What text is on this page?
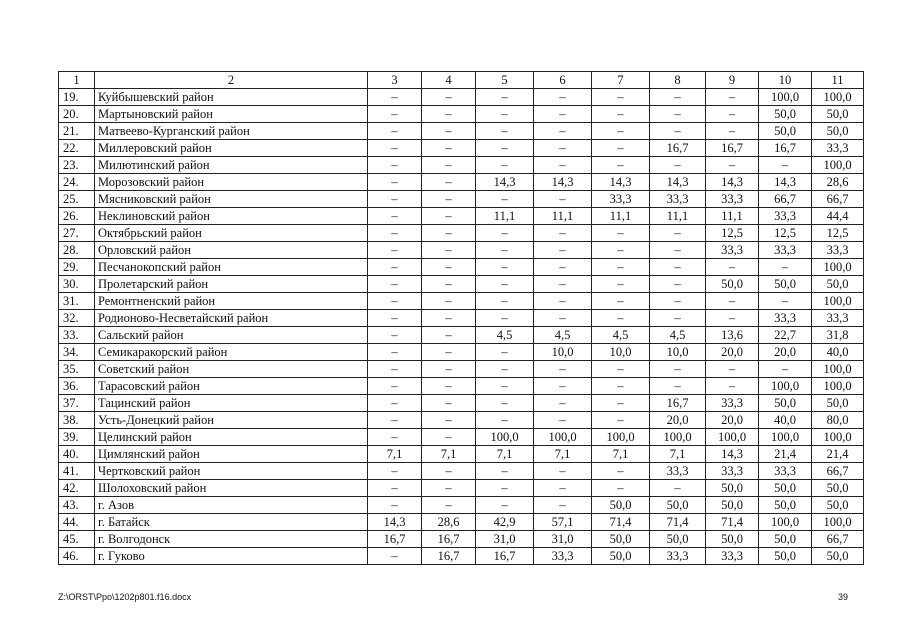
1	2	3	4	5	6	7	8	9	10	11
19.	Куйбышевский район	–	–	–	–	–	–	–	100,0	100,0
20.	Мартыновский район	–	–	–	–	–	–	–	50,0	50,0
21.	Матвеево-Курганский район	–	–	–	–	–	–	–	50,0	50,0
22.	Миллеровский район	–	–	–	–	–	16,7	16,7	16,7	33,3
23.	Милютинский район	–	–	–	–	–	–	–	–	100,0
24.	Морозовский район	–	–	14,3	14,3	14,3	14,3	14,3	14,3	28,6
25.	Мясниковский район	–	–	–	–	33,3	33,3	33,3	66,7	66,7
26.	Неклиновский район	–	–	11,1	11,1	11,1	11,1	11,1	33,3	44,4
27.	Октябрьский район	–	–	–	–	–	–	12,5	12,5	12,5
28.	Орловский район	–	–	–	–	–	–	33,3	33,3	33,3
29.	Песчанокопский район	–	–	–	–	–	–	–	–	100,0
30.	Пролетарский район	–	–	–	–	–	–	50,0	50,0	50,0
31.	Ремонтненский район	–	–	–	–	–	–	–	–	100,0
32.	Родионово-Несветайский район	–	–	–	–	–	–	–	33,3	33,3
33.	Сальский район	–	–	4,5	4,5	4,5	4,5	13,6	22,7	31,8
34.	Семикаракорский район	–	–	–	10,0	10,0	10,0	20,0	20,0	40,0
35.	Советский район	–	–	–	–	–	–	–	–	100,0
36.	Тарасовский район	–	–	–	–	–	–	–	100,0	100,0
37.	Тацинский район	–	–	–	–	–	16,7	33,3	50,0	50,0
38.	Усть-Донецкий район	–	–	–	–	–	20,0	20,0	40,0	80,0
39.	Целинский район	–	–	100,0	100,0	100,0	100,0	100,0	100,0	100,0
40.	Цимлянский район	7,1	7,1	7,1	7,1	7,1	7,1	14,3	21,4	21,4
41.	Чертковский район	–	–	–	–	–	33,3	33,3	33,3	66,7
42.	Шолоховский район	–	–	–	–	–	–	50,0	50,0	50,0
43.	г. Азов	–	–	–	–	50,0	50,0	50,0	50,0	50,0
44.	г. Батайск	14,3	28,6	42,9	57,1	71,4	71,4	71,4	100,0	100,0
45.	г. Волгодонск	16,7	16,7	31,0	31,0	50,0	50,0	50,0	50,0	66,7
46.	г. Гуково	–	16,7	16,7	33,3	50,0	33,3	33,3	50,0	50,0
Z:\ORST\Ppo\1202p801.f16.docx	39
